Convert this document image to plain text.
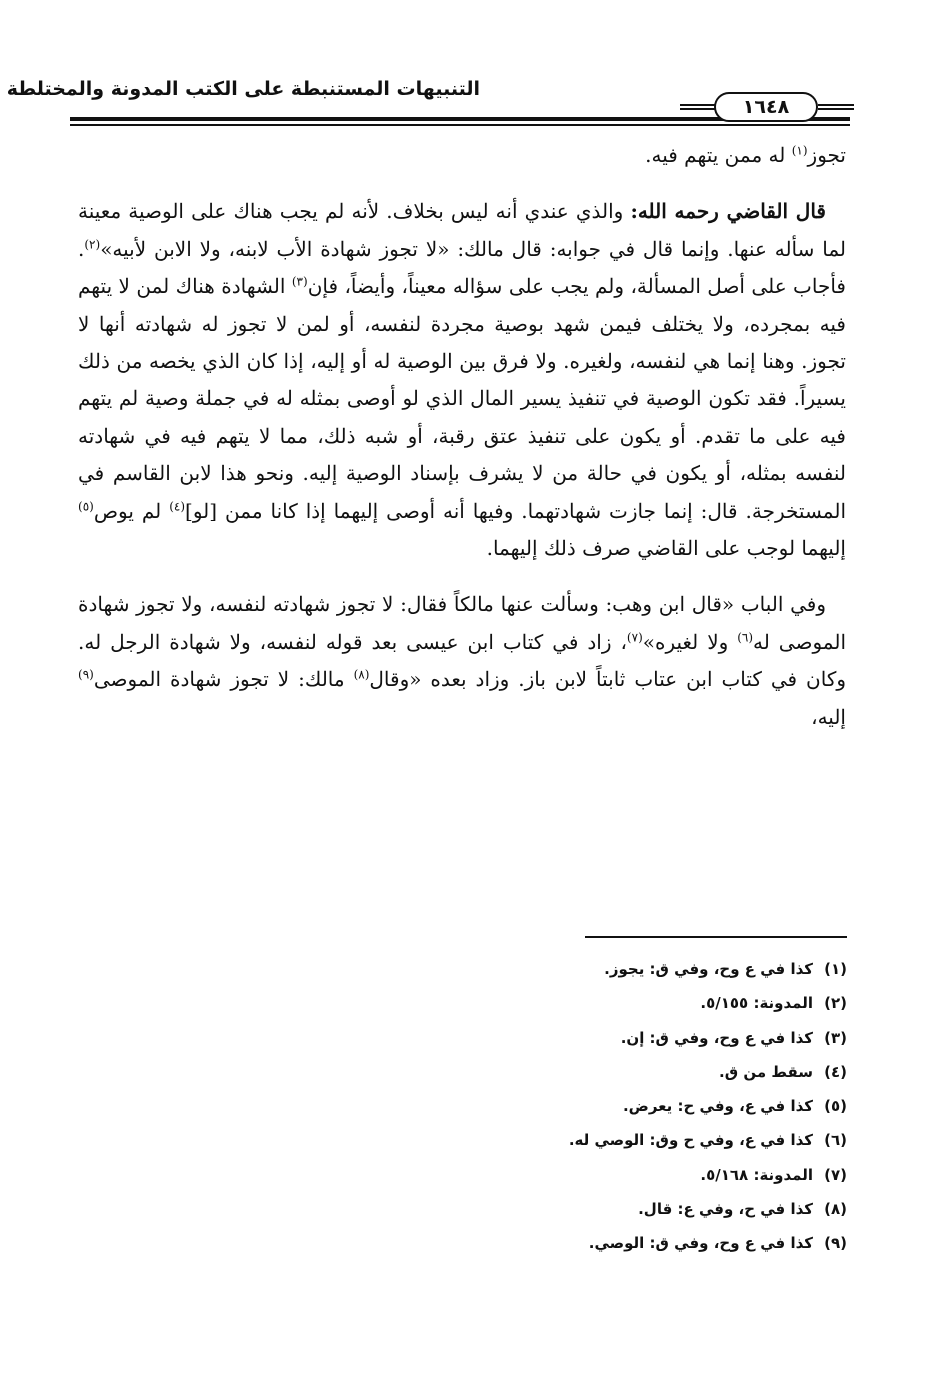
التنبيهات المستنبطة على الكتب المدونة والمختلطة
١٦٤٨

تجوز$^{(١)}$ له ممن يتهم فيه.

قال القاضي رحمه الله: والذي عندي أنه ليس بخلاف. لأنه لم يجب هناك على الوصية معينة لما سأله عنها. وإنما قال في جوابه: قال مالك: «لا تجوز شهادة الأب لابنه، ولا الابن لأبيه»$^{(٢)}$. فأجاب على أصل المسألة، ولم يجب على سؤاله معيناً، وأيضاً، فإن$^{(٣)}$ الشهادة هناك لمن لا يتهم فيه بمجرده، ولا يختلف فيمن شهد بوصية مجردة لنفسه، أو لمن لا تجوز له شهادته أنها لا تجوز. وهنا إنما هي لنفسه، ولغيره. ولا فرق بين الوصية له أو إليه، إذا كان الذي يخصه من ذلك يسيراً. فقد تكون الوصية في تنفيذ يسير المال الذي لو أوصى بمثله له في جملة وصية لم يتهم فيه على ما تقدم. أو يكون على تنفيذ عتق رقبة، أو شبه ذلك، مما لا يتهم فيه في شهادته لنفسه بمثله، أو يكون في حالة من لا يشرف بإسناد الوصية إليه. ونحو هذا لابن القاسم في المستخرجة. قال: إنما جازت شهادتهما. وفيها أنه أوصى إليهما إذا كانا ممن [لو]$^{(٤)}$ لم يوص$^{(٥)}$ إليهما لوجب على القاضي صرف ذلك إليهما.

وفي الباب «قال ابن وهب: وسألت عنها مالكاً فقال: لا تجوز شهادته لنفسه، ولا تجوز شهادة الموصى له$^{(٦)}$ ولا لغيره»$^{(٧)}$، زاد في كتاب ابن عيسى بعد قوله لنفسه، ولا شهادة الرجل له. وكان في كتاب ابن عتاب ثابتاً لابن باز. وزاد بعده «وقال$^{(٨)}$ مالك: لا تجوز شهادة الموصى$^{(٩)}$ إليه،

(١)كذا في ع وح، وفي ق: يجوز.
(٢)المدونة: ٥/١٥٥.
(٣)كذا في ع وح، وفي ق: إن.
(٤)سقط من ق.
(٥)كذا في ع، وفي ح: يعرض.
(٦)كذا في ع، وفي ح وق: الوصي له.
(٧)المدونة: ٥/١٦٨.
(٨)كذا في ح، وفي ع: قال.
(٩)كذا في ع وح، وفي ق: الوصي.
